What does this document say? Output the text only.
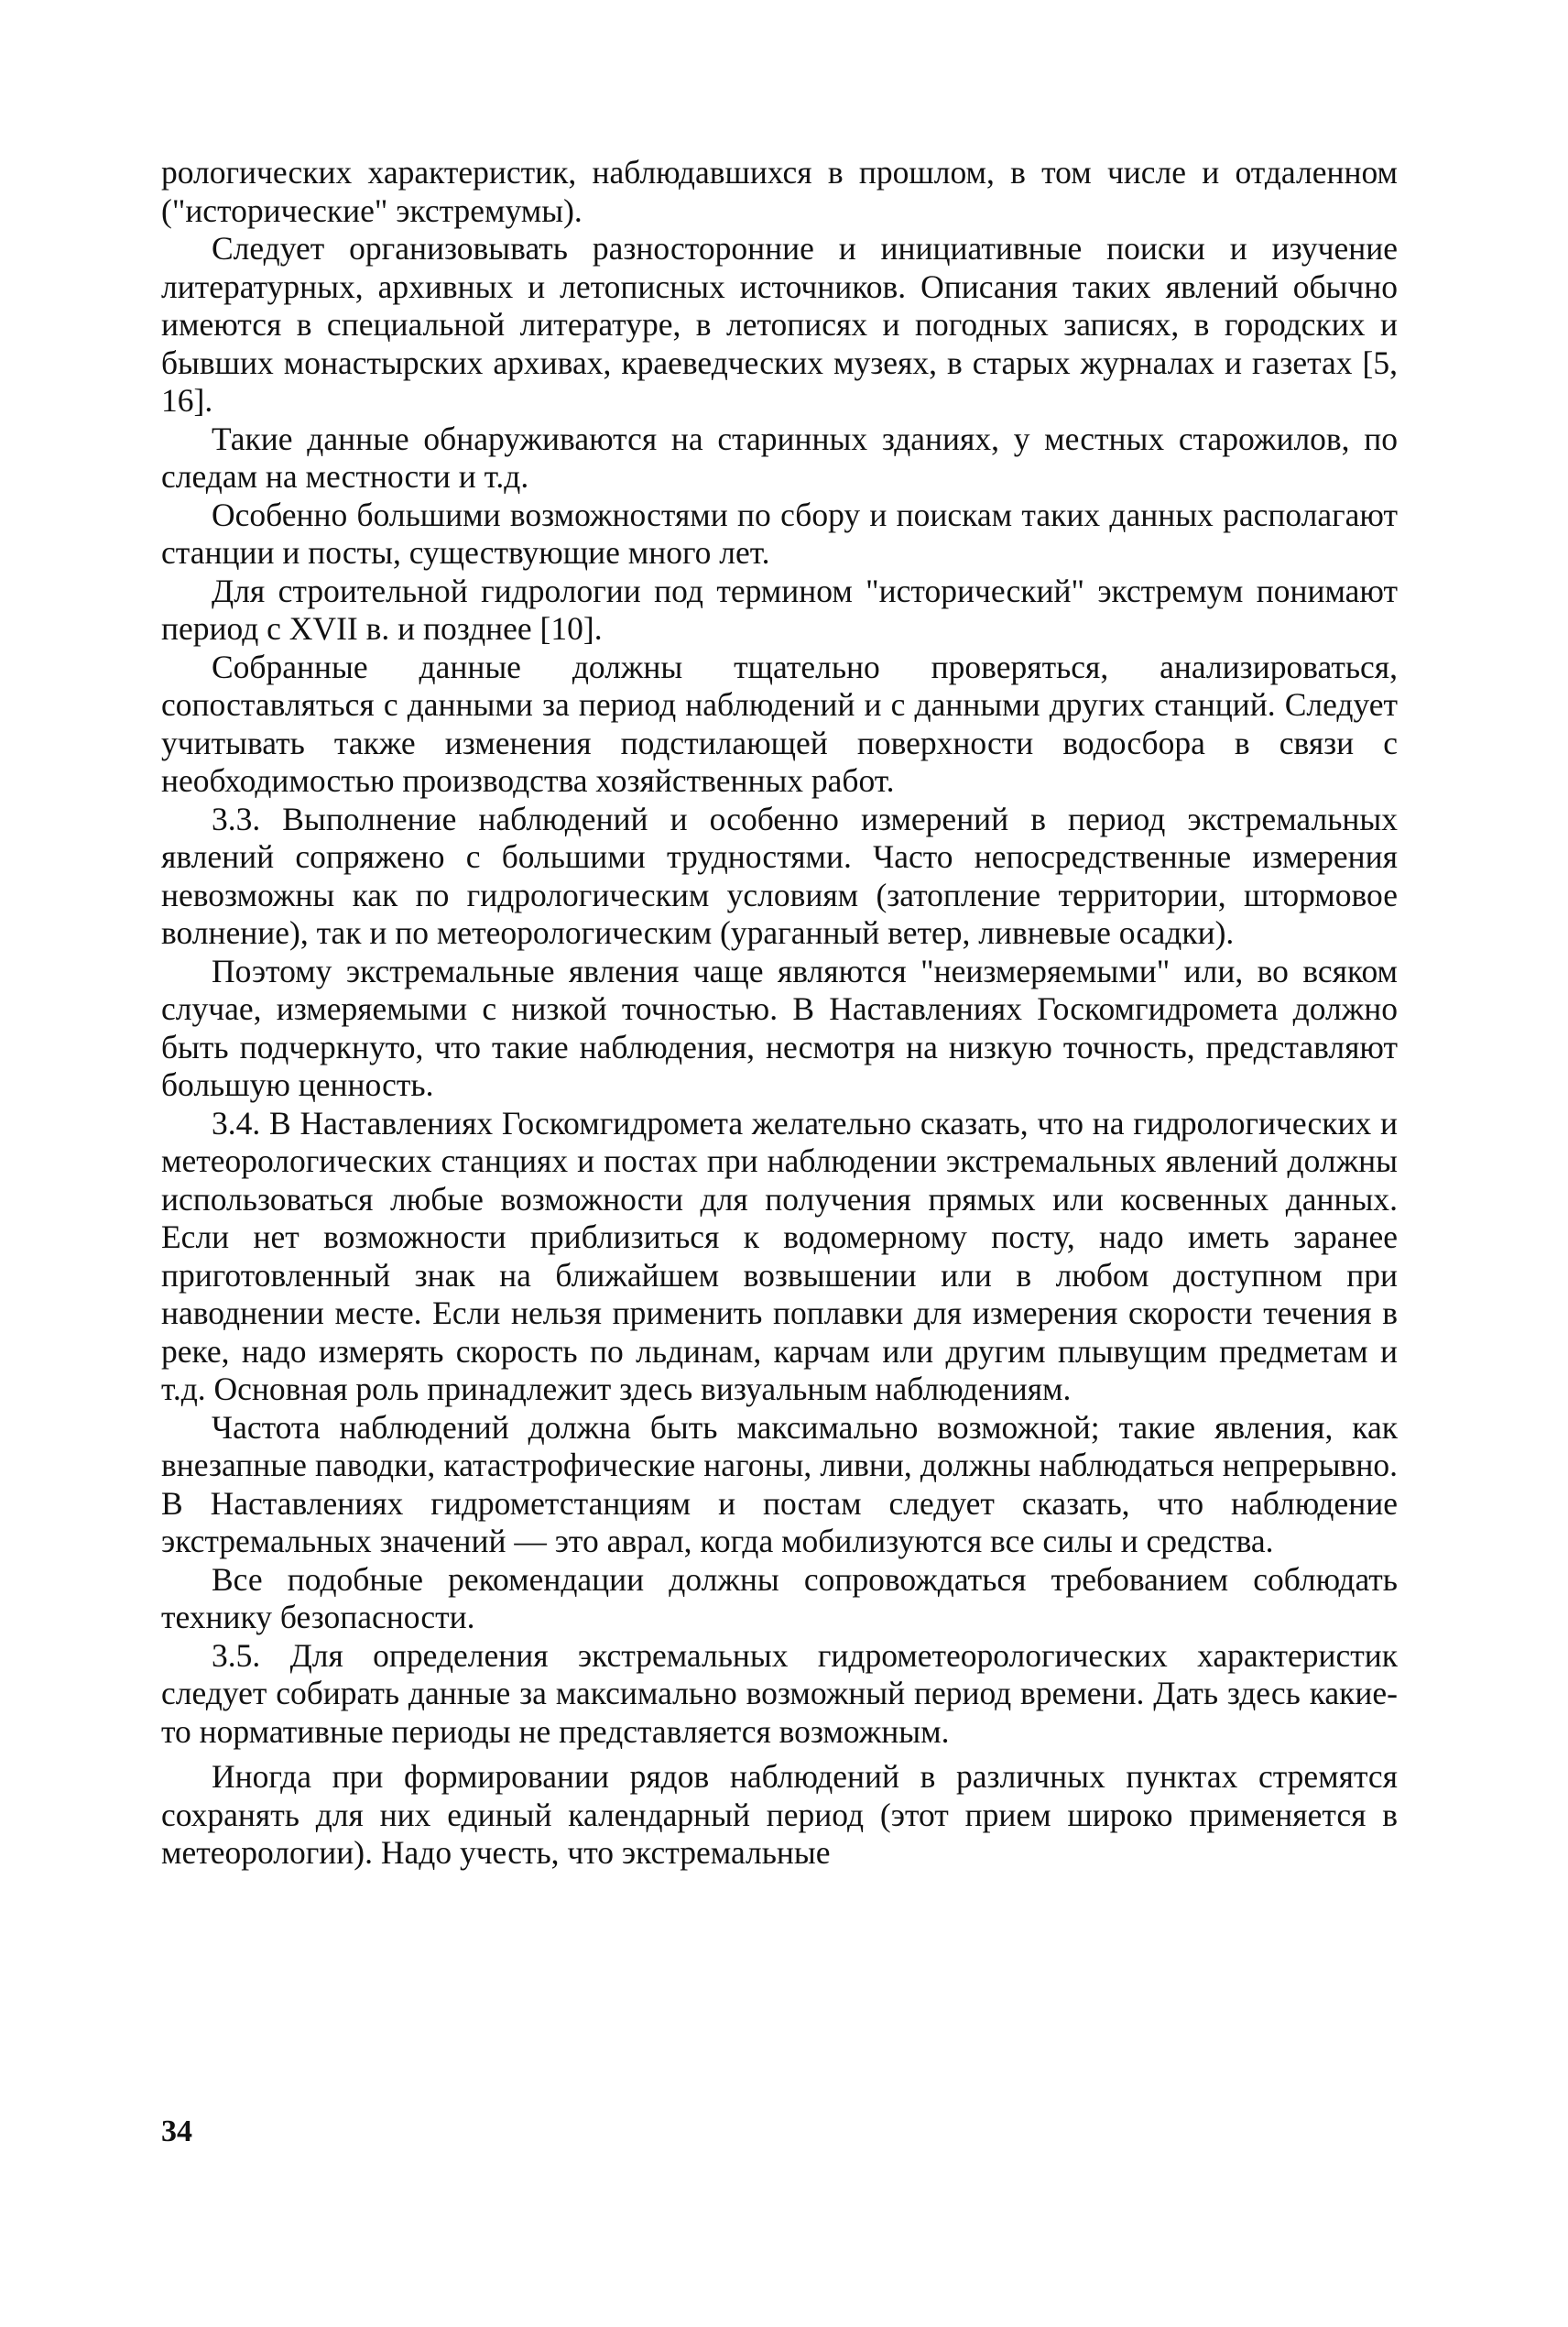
рологических характеристик, наблюдавшихся в прошлом, в том числе и отдаленном ("исторические" экстремумы).

Следует организовывать разносторонние и инициативные поиски и изучение литературных, архивных и летописных источников. Описания таких явлений обычно имеются в специальной литературе, в летописях и погодных записях, в городских и бывших монастырских архивах, краеведческих музеях, в старых журналах и газетах [5, 16].

Такие данные обнаруживаются на старинных зданиях, у местных старожилов, по следам на местности и т.д.

Особенно большими возможностями по сбору и поискам таких данных располагают станции и посты, существующие много лет.

Для строительной гидрологии под термином "исторический" экстремум понимают период с XVII в. и позднее [10].

Собранные данные должны тщательно проверяться, анализироваться, сопоставляться с данными за период наблюдений и с данными других станций. Следует учитывать также изменения подстилающей поверхности водосбора в связи с необходимостью производства хозяйственных работ.

3.3. Выполнение наблюдений и особенно измерений в период экстремальных явлений сопряжено с большими трудностями. Часто непосредственные измерения невозможны как по гидрологическим условиям (затопление территории, штормовое волнение), так и по метеорологическим (ураганный ветер, ливневые осадки).

Поэтому экстремальные явления чаще являются "неизмеряемыми" или, во всяком случае, измеряемыми с низкой точностью. В Наставлениях Госкомгидромета должно быть подчеркнуто, что такие наблюдения, несмотря на низкую точность, представляют большую ценность.

3.4. В Наставлениях Госкомгидромета желательно сказать, что на гидрологических и метеорологических станциях и постах при наблюдении экстремальных явлений должны использоваться любые возможности для получения прямых или косвенных данных. Если нет возможности приблизиться к водомерному посту, надо иметь заранее приготовленный знак на ближайшем возвышении или в любом доступном при наводнении месте. Если нельзя применить поплавки для измерения скорости течения в реке, надо измерять скорость по льдинам, карчам или другим плывущим предметам и т.д. Основная роль принадлежит здесь визуальным наблюдениям.

Частота наблюдений должна быть максимально возможной; такие явления, как внезапные паводки, катастрофические нагоны, ливни, должны наблюдаться непрерывно. В Наставлениях гидрометстанциям и постам следует сказать, что наблюдение экстремальных значений — это аврал, когда мобилизуются все силы и средства.

Все подобные рекомендации должны сопровождаться требованием соблюдать технику безопасности.

3.5. Для определения экстремальных гидрометеорологических характеристик следует собирать данные за максимально возможный период времени. Дать здесь какие-то нормативные периоды не представляется возможным.

Иногда при формировании рядов наблюдений в различных пунктах стремятся сохранять для них единый календарный период (этот прием широко применяется в метеорологии). Надо учесть, что экстремальные

34
